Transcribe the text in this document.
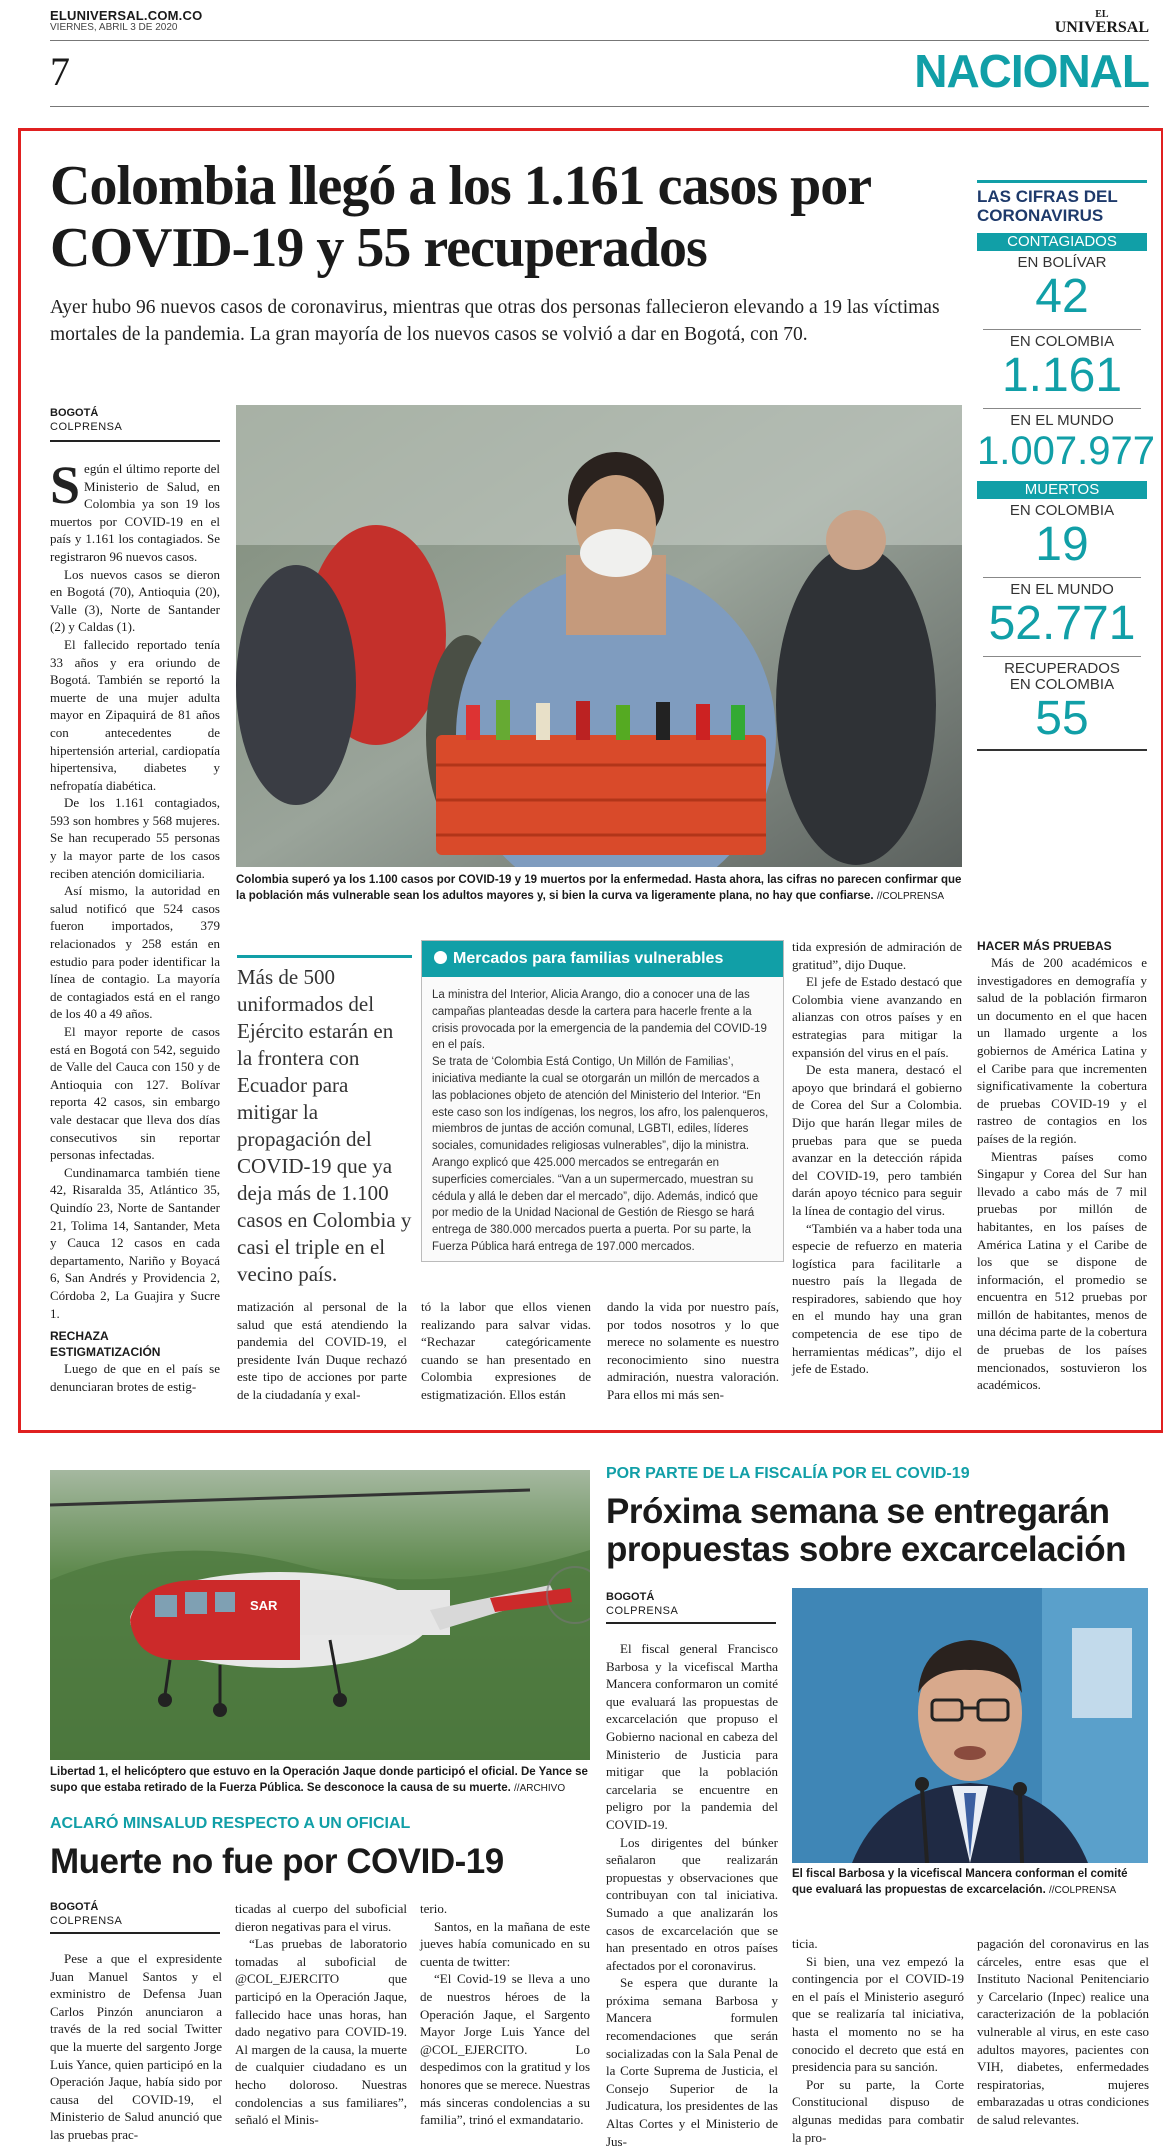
ELUNIVERSAL.COM.CO
VIERNES, ABRIL 3 DE 2020
EL
UNIVERSAL
7	NACIONAL
Colombia llegó a los 1.161 casos por COVID-19 y 55 recuperados
Ayer hubo 96 nuevos casos de coronavirus, mientras que otras dos personas fallecieron elevando a 19 las víctimas mortales de la pandemia. La gran mayoría de los nuevos casos se volvió a dar en Bogotá, con 70.
BOGOTÁ
COLPRENSA

Según el último reporte del Ministerio de Salud, en Colombia ya son 19 los muertos por COVID-19 en el país y 1.161 los contagiados. Se registraron 96 nuevos casos.

Los nuevos casos se dieron en Bogotá (70), Antioquia (20), Valle (3), Norte de Santander (2) y Caldas (1).

El fallecido reportado tenía 33 años y era oriundo de Bogotá. También se reportó la muerte de una mujer adulta mayor en Zipaquirá de 81 años con antecedentes de hipertensión arterial, cardiopatía hipertensiva, diabetes y nefropatía diabética.

De los 1.161 contagiados, 593 son hombres y 568 mujeres. Se han recuperado 55 personas y la mayor parte de los casos reciben atención domiciliaria.

Así mismo, la autoridad en salud notificó que 524 casos fueron importados, 379 relacionados y 258 están en estudio para poder identificar la línea de contagio. La mayoría de contagiados está en el rango de los 40 a 49 años.

El mayor reporte de casos está en Bogotá con 542, seguido de Valle del Cauca con 150 y de Antioquia con 127. Bolívar reporta 42 casos, sin embargo vale destacar que lleva dos días consecutivos sin reportar personas infectadas.

Cundinamarca también tiene 42, Risaralda 35, Atlántico 35, Quindío 23, Norte de Santander 21, Tolima 14, Santander, Meta y Cauca 12 casos en cada departamento, Nariño y Boyacá 6, San Andrés y Providencia 2, Córdoba 2, La Guajira y Sucre 1.

RECHAZA ESTIGMATIZACIÓN

Luego de que en el país se denunciaran brotes de estig-

Colombia superó ya los 1.100 casos por COVID-19 y 19 muertos por la enfermedad. Hasta ahora, las cifras no parecen confirmar que la población más vulnerable sean los adultos mayores y, si bien la curva va ligeramente plana, no hay que confiarse. //COLPRENSA
Más de 500 uniformados del Ejército estarán en la frontera con Ecuador para mitigar la propagación del COVID-19 que ya deja más de 1.100 casos en Colombia y casi el triple en el vecino país.
Mercados para familias vulnerables

La ministra del Interior, Alicia Arango, dio a conocer una de las campañas planteadas desde la cartera para hacerle frente a la crisis provocada por la emergencia de la pandemia del COVID-19 en el país.

Se trata de ‘Colombia Está Contigo, Un Millón de Familias’, iniciativa mediante la cual se otorgarán un millón de mercados a las poblaciones objeto de atención del Ministerio del Interior. “En este caso son los indígenas, los negros, los afro, los palenqueros, miembros de juntas de acción comunal, LGBTI, ediles, líderes sociales, comunidades religiosas vulnerables”, dijo la ministra.

Arango explicó que 425.000 mercados se entregarán en superficies comerciales. “Van a un supermercado, muestran su cédula y allá le deben dar el mercado”, dijo. Además, indicó que por medio de la Unidad Nacional de Gestión de Riesgo se hará entrega de 380.000 mercados puerta a puerta. Por su parte, la Fuerza Pública hará entrega de 197.000 mercados.

matización al personal de la salud que está atendiendo la pandemia del COVID-19, el presidente Iván Duque rechazó este tipo de acciones por parte de la ciudadanía y exal-
tó la labor que ellos vienen realizando para salvar vidas. “Rechazar categóricamente cuando se han presentado en Colombia expresiones de estigmatización. Ellos están
dando la vida por nuestro país, por todos nosotros y lo que merece no solamente es nuestro reconocimiento sino nuestra admiración, nuestra valoración. Para ellos mi más sen-

tida expresión de admiración de gratitud”, dijo Duque.

El jefe de Estado destacó que Colombia viene avanzando en alianzas con otros países y en estrategias para mitigar la expansión del virus en el país.

De esta manera, destacó el apoyo que brindará el gobierno de Corea del Sur a Colombia. Dijo que harán llegar miles de pruebas para que se pueda avanzar en la detección rápida del COVID-19, pero también darán apoyo técnico para seguir la línea de contagio del virus.

“También va a haber toda una especie de refuerzo en materia logística para facilitarle a nuestro país la llegada de respiradores, sabiendo que hoy en el mundo hay una gran competencia de ese tipo de herramientas médicas”, dijo el jefe de Estado.

HACER MÁS PRUEBAS

Más de 200 académicos e investigadores en demografía y salud de la población firmaron un documento en el que hacen un llamado urgente a los gobiernos de América Latina y el Caribe para que incrementen significativamente la cobertura de pruebas COVID-19 y el rastreo de contagios en los países de la región.

Mientras países como Singapur y Corea del Sur han llevado a cabo más de 7 mil pruebas por millón de habitantes, en los países de América Latina y el Caribe de los que se dispone de información, el promedio se encuentra en 512 pruebas por millón de habitantes, menos de una décima parte de la cobertura de pruebas de los países mencionados, sostuvieron los académicos.

LAS CIFRAS DEL CORONAVIRUS
CONTAGIADOS
EN BOLÍVAR
42
EN COLOMBIA
1.161
EN EL MUNDO
1.007.977
MUERTOS
EN COLOMBIA
19
EN EL MUNDO
52.771
RECUPERADOS EN COLOMBIA
55
SAR
Libertad 1, el helicóptero que estuvo en la Operación Jaque donde participó el oficial. De Yance se supo que estaba retirado de la Fuerza Pública. Se desconoce la causa de su muerte. //ARCHIVO
ACLARÓ MINSALUD RESPECTO A UN OFICIAL
Muerte no fue por COVID-19
BOGOTÁ
COLPRENSA

Pese a que el expresidente Juan Manuel Santos y el exministro de Defensa Juan Carlos Pinzón anunciaron a través de la red social Twitter que la muerte del sargento Jorge Luis Yance, quien participó en la Operación Jaque, había sido por causa del COVID-19, el Ministerio de Salud anunció que las pruebas prac-

ticadas al cuerpo del suboficial dieron negativas para el virus.

“Las pruebas de laboratorio tomadas al suboficial de @COL_EJERCITO que participó en la Operación Jaque, fallecido hace unas horas, han dado negativo para COVID-19. Al margen de la causa, la muerte de cualquier ciudadano es un hecho doloroso. Nuestras condolencias a sus familiares”, señaló el Minis-

terio.

Santos, en la mañana de este jueves había comunicado en su cuenta de twitter:

“El Covid-19 se lleva a uno de nuestros héroes de la Operación Jaque, el Sargento Mayor Jorge Luis Yance del @COL_EJERCITO. Lo despedimos con la gratitud y los honores que se merece. Nuestras más sinceras condolencias a su familia”, trinó el exmandatario.

POR PARTE DE LA FISCALÍA POR EL COVID-19
Próxima semana se entregarán propuestas sobre excarcelación
BOGOTÁ
COLPRENSA

El fiscal general Francisco Barbosa y la vicefiscal Martha Mancera conformaron un comité que evaluará las propuestas de excarcelación que propuso el Gobierno nacional en cabeza del Ministerio de Justicia para mitigar que la población carcelaria se encuentre en peligro por la pandemia del COVID-19.

Los dirigentes del búnker señalaron que realizarán propuestas y observaciones que contribuyan con tal iniciativa. Sumado a que analizarán los casos de excarcelación que se han presentado en otros países afectados por el coronavirus.

Se espera que durante la próxima semana Barbosa y Mancera formulen recomendaciones que serán socializadas con la Sala Penal de la Corte Suprema de Justicia, el Consejo Superior de la Judicatura, los presidentes de las Altas Cortes y el Ministerio de Jus-

El fiscal Barbosa y la vicefiscal Mancera conforman el comité que evaluará las propuestas de excarcelación. //COLPRENSA

ticia.

Si bien, una vez empezó la contingencia por el COVID-19 en el país el Ministerio aseguró que se realizaría tal iniciativa, hasta el momento no se ha conocido el decreto que está en presidencia para su sanción.

Por su parte, la Corte Constitucional dispuso de algunas medidas para combatir la pro-

pagación del coronavirus en las cárceles, entre esas que el Instituto Nacional Penitenciario y Carcelario (Inpec) realice una caracterización de la población vulnerable al virus, en este caso adultos mayores, pacientes con VIH, diabetes, enfermedades respiratorias, mujeres embarazadas u otras condiciones de salud relevantes.
